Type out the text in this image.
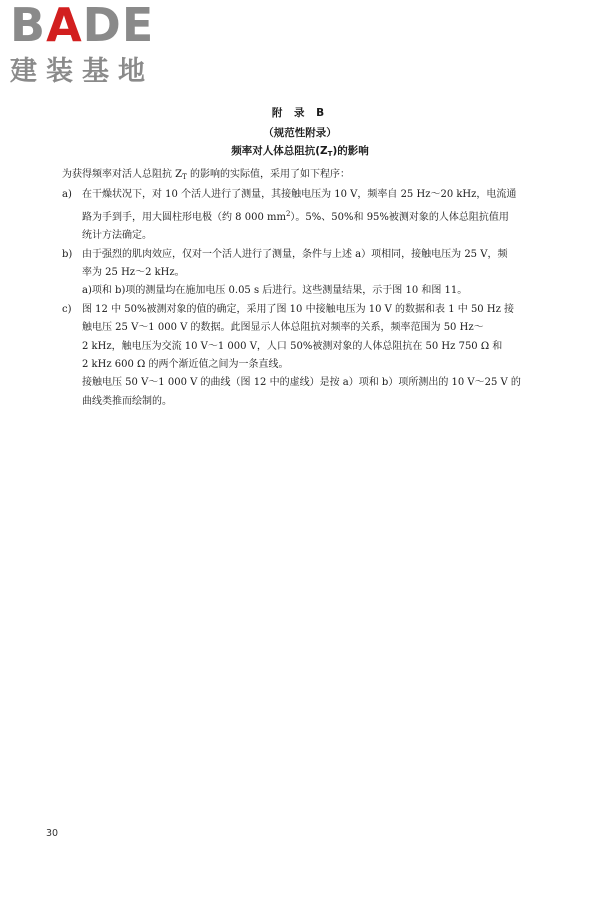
BADE
建装基地
附 录 B
（规范性附录）
频率对人体总阻抗$(Z_T)$的影响

为获得频率对活人总阻抗 $Z_T$ 的影响的实际值，采用了如下程序：

a) 在干燥状况下，对 10 个活人进行了测量，其接触电压为 10 V，频率自 25 Hz～20 kHz，电流通
路为手到手，用大圆柱形电极（约 8 000 $mm^2$）。5%、50%和 95%被测对象的人体总阻抗值用
统计方法确定。
b) 由于强烈的肌肉效应，仅对一个活人进行了测量，条件与上述 a）项相同，接触电压为 25 V，频
率为 25 Hz～2 kHz。

a)项和 b)项的测量均在施加电压 0.05 s 后进行。这些测量结果，示于图 10 和图 11。

c) 图 12 中 50%被测对象的值的确定，采用了图 10 中接触电压为 10 V 的数据和表 1 中 50 Hz 接
触电压 25 V～1 000 V 的数据。此图显示人体总阻抗对频率的关系，频率范围为 50 Hz～
2 kHz，触电压为交流 10 V～1 000 V，人口 50%被测对象的人体总阻抗在 50 Hz 750 Ω 和
2 kHz 600 Ω 的两个渐近值之间为一条直线。
接触电压 50 V～1 000 V 的曲线（图 12 中的虚线）是按 a）项和 b）项所测出的 10 V～25 V 的
曲线类推而绘制的。
30
